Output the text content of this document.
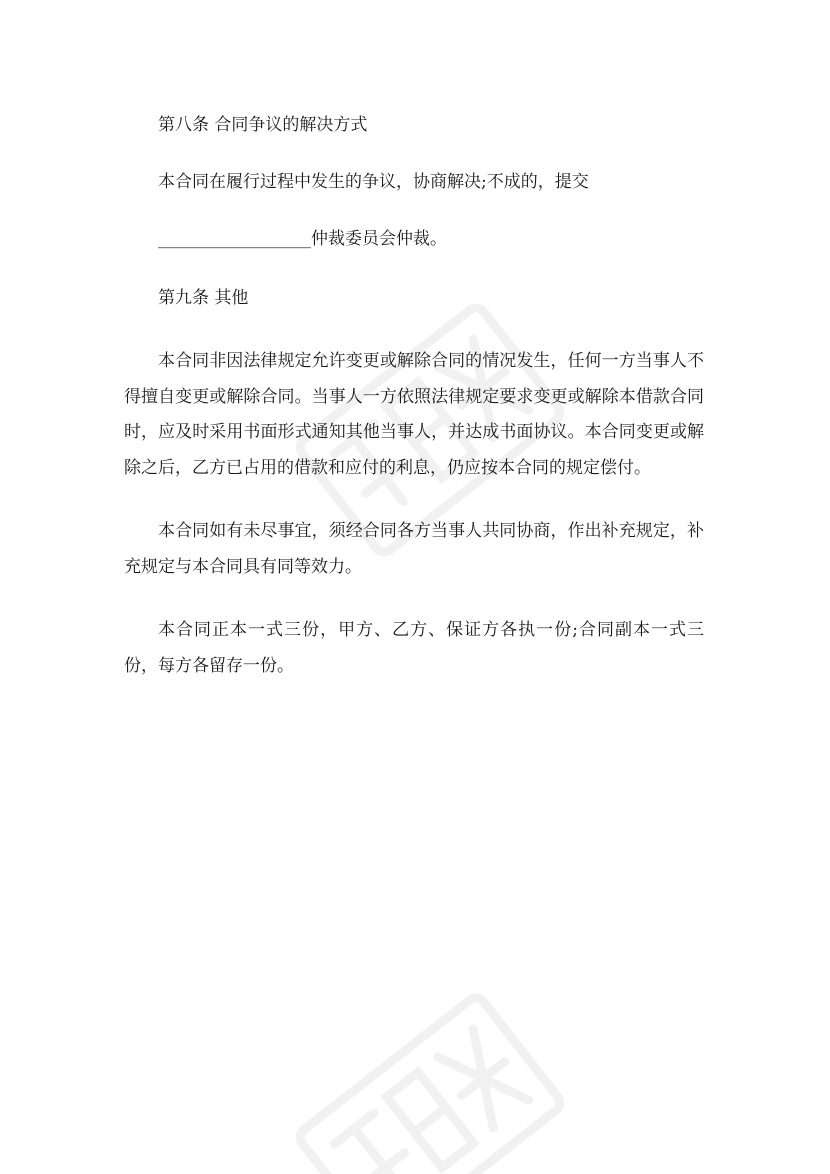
第八条 合同争议的解决方式
本合同在履行过程中发生的争议，协商解决;不成的，提交
__________________仲裁委员会仲裁。
第九条 其他

本合同非因法律规定允许变更或解除合同的情况发生，任何一方当事人不得擅自变更或解除合同。当事人一方依照法律规定要求变更或解除本借款合同时，应及时采用书面形式通知其他当事人，并达成书面协议。本合同变更或解除之后，乙方已占用的借款和应付的利息，仍应按本合同的规定偿付。

本合同如有未尽事宜，须经合同各方当事人共同协商，作出补充规定，补充规定与本合同具有同等效力。

本合同正本一式三份，甲方、乙方、保证方各执一份;合同副本一式三份，每方各留存一份。
